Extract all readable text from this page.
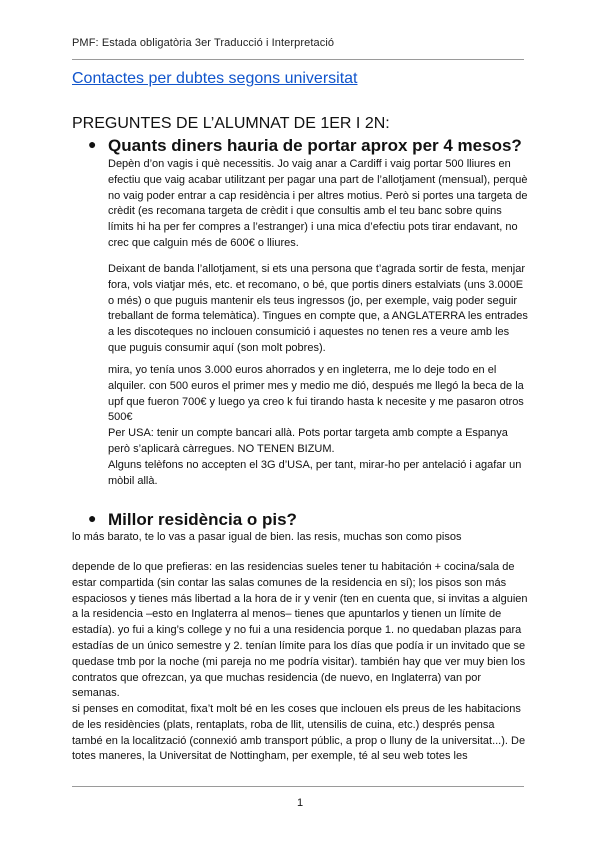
PMF: Estada obligatòria 3er Traducció i Interpretació
Contactes per dubtes segons universitat
PREGUNTES DE L’ALUMNAT DE 1ER I 2N:
● Quants diners hauria de portar aprox per 4 mesos?

Depèn d’on vagis i què necessitis. Jo vaig anar a Cardiff i vaig portar 500 lliures en efectiu que vaig acabar utilitzant per pagar una part de l’allotjament (mensual), perquè no vaig poder entrar a cap residència i per altres motius. Però si portes una targeta de crèdit (es recomana targeta de crèdit i que consultis amb el teu banc sobre quins límits hi ha per fer compres a l’estranger) i una mica d’efectiu pots tirar endavant, no crec que calguin més de 600€ o lliures.

Deixant de banda l’allotjament, si ets una persona que t’agrada sortir de festa, menjar fora, vols viatjar més, etc. et recomano, o bé, que portis diners estalviats (uns 3.000E o més) o que puguis mantenir els teus ingressos (jo, per exemple, vaig poder seguir treballant de forma telemàtica). Tingues en compte que, a ANGLATERRA les entrades a les discoteques no inclouen consumició i aquestes no tenen res a veure amb les que puguis consumir aquí (son molt pobres).

mira, yo tenía unos 3.000 euros ahorrados y en ingleterra, me lo deje todo en el alquiler. con 500 euros el primer mes y medio me dió, después me llegó la beca de la upf que fueron 700€ y luego ya creo k fui tirando hasta k necesite y me pasaron otros 500€

Per USA: tenir un compte bancari allà. Pots portar targeta amb compte a Espanya però s’aplicarà càrregues. NO TENEN BIZUM.

Alguns telèfons no accepten el 3G d’USA, per tant, mirar-ho per antelació i agafar un mòbil allà.

● Millor residència o pis?

lo más barato, te lo vas a pasar igual de bien. las resis, muchas son como pisos

depende de lo que prefieras: en las residencias sueles tener tu habitación + cocina/sala de estar compartida (sin contar las salas comunes de la residencia en sí); los pisos son más espaciosos y tienes más libertad a la hora de ir y venir (ten en cuenta que, si invitas a alguien a la residencia –esto en Inglaterra al menos– tienes que apuntarlos y tienen un límite de estadía). yo fui a king’s college y no fui a una residencia porque 1. no quedaban plazas para estadías de un único semestre y 2. tenían límite para los días que podía ir un invitado que se quedase tmb por la noche (mi pareja no me podría visitar). también hay que ver muy bien los contratos que ofrezcan, ya que muchas residencia (de nuevo, en Inglaterra) van por semanas.

si penses en comoditat, fixa’t molt bé en les coses que inclouen els preus de les habitacions de les residències (plats, rentaplats, roba de llit, utensilis de cuina, etc.) després pensa també en la localització (connexió amb transport públic, a prop o lluny de la universitat...). De totes maneres, la Universitat de Nottingham, per exemple, té al seu web totes les

1
